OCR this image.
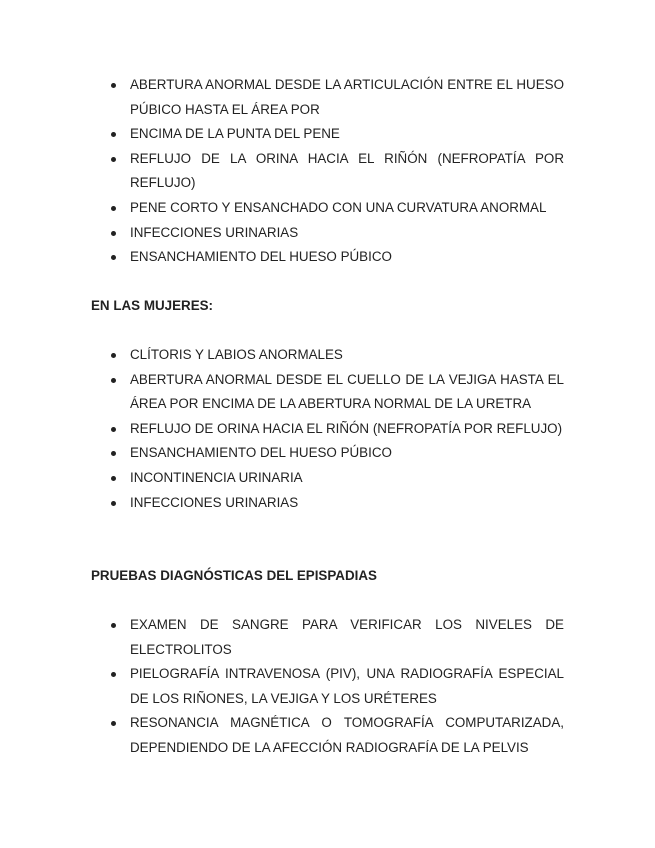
ABERTURA ANORMAL DESDE LA ARTICULACIÓN ENTRE EL HUESO PÚBICO HASTA EL ÁREA POR
ENCIMA DE LA PUNTA DEL PENE
REFLUJO DE LA ORINA HACIA EL RIÑÓN (NEFROPATÍA POR REFLUJO)
PENE CORTO Y ENSANCHADO CON UNA CURVATURA ANORMAL
INFECCIONES URINARIAS
ENSANCHAMIENTO DEL HUESO PÚBICO

EN LAS MUJERES:

CLÍTORIS Y LABIOS ANORMALES
ABERTURA ANORMAL DESDE EL CUELLO DE LA VEJIGA HASTA EL ÁREA POR ENCIMA DE LA ABERTURA NORMAL DE LA URETRA
REFLUJO DE ORINA HACIA EL RIÑÓN (NEFROPATÍA POR REFLUJO)
ENSANCHAMIENTO DEL HUESO PÚBICO
INCONTINENCIA URINARIA
INFECCIONES URINARIAS

PRUEBAS DIAGNÓSTICAS DEL EPISPADIAS

EXAMEN DE SANGRE PARA VERIFICAR LOS NIVELES DE ELECTROLITOS
PIELOGRAFÍA INTRAVENOSA (PIV), UNA RADIOGRAFÍA ESPECIAL DE LOS RIÑONES, LA VEJIGA Y LOS URÉTERES
RESONANCIA MAGNÉTICA O TOMOGRAFÍA COMPUTARIZADA, DEPENDIENDO DE LA AFECCIÓN RADIOGRAFÍA DE LA PELVIS
